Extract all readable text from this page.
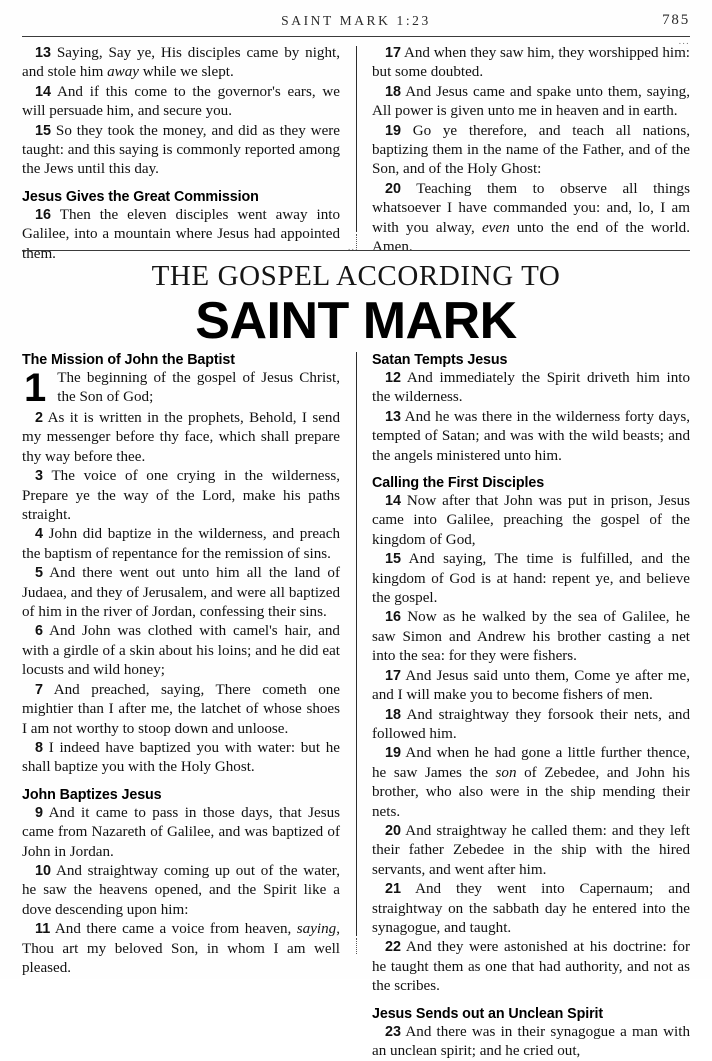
SAINT MARK 1:23	785
...

13 Saying, Say ye, His disciples came by night, and stole him away while we slept.

14 And if this come to the governor's ears, we will persuade him, and secure you.

15 So they took the money, and did as they were taught: and this saying is commonly reported among the Jews until this day.

Jesus Gives the Great Commission

16 Then the eleven disciples went away into Galilee, into a mountain where Jesus had appointed them.

17 And when they saw him, they worshipped him: but some doubted.

18 And Jesus came and spake unto them, saying, All power is given unto me in heaven and in earth.

19 Go ye therefore, and teach all nations, baptizing them in the name of the Father, and of the Son, and of the Holy Ghost:

20 Teaching them to observe all things whatsoever I have commanded you: and, lo, I am with you alway, even unto the end of the world. Amen.

...
THE GOSPEL ACCORDING TO
SAINT MARK
The Mission of John the Baptist
1 The beginning of the gospel of Jesus Christ, the Son of God;

2 As it is written in the prophets, Behold, I send my messenger before thy face, which shall prepare thy way before thee.

3 The voice of one crying in the wilderness, Prepare ye the way of the Lord, make his paths straight.

4 John did baptize in the wilderness, and preach the baptism of repentance for the remission of sins.

5 And there went out unto him all the land of Judaea, and they of Jerusalem, and were all baptized of him in the river of Jordan, confessing their sins.

6 And John was clothed with camel's hair, and with a girdle of a skin about his loins; and he did eat locusts and wild honey;

7 And preached, saying, There cometh one mightier than I after me, the latchet of whose shoes I am not worthy to stoop down and unloose.

8 I indeed have baptized you with water: but he shall baptize you with the Holy Ghost.

John Baptizes Jesus

9 And it came to pass in those days, that Jesus came from Nazareth of Galilee, and was baptized of John in Jordan.

10 And straightway coming up out of the water, he saw the heavens opened, and the Spirit like a dove descending upon him:

11 And there came a voice from heaven, saying, Thou art my beloved Son, in whom I am well pleased.

Satan Tempts Jesus

12 And immediately the Spirit driveth him into the wilderness.

13 And he was there in the wilderness forty days, tempted of Satan; and was with the wild beasts; and the angels ministered unto him.

Calling the First Disciples

14 Now after that John was put in prison, Jesus came into Galilee, preaching the gospel of the kingdom of God,

15 And saying, The time is fulfilled, and the kingdom of God is at hand: repent ye, and believe the gospel.

16 Now as he walked by the sea of Galilee, he saw Simon and Andrew his brother casting a net into the sea: for they were fishers.

17 And Jesus said unto them, Come ye after me, and I will make you to become fishers of men.

18 And straightway they forsook their nets, and followed him.

19 And when he had gone a little further thence, he saw James the son of Zebedee, and John his brother, who also were in the ship mending their nets.

20 And straightway he called them: and they left their father Zebedee in the ship with the hired servants, and went after him.

21 And they went into Capernaum; and straightway on the sabbath day he entered into the synagogue, and taught.

22 And they were astonished at his doctrine: for he taught them as one that had authority, and not as the scribes.

Jesus Sends out an Unclean Spirit

23 And there was in their synagogue a man with an unclean spirit; and he cried out,
